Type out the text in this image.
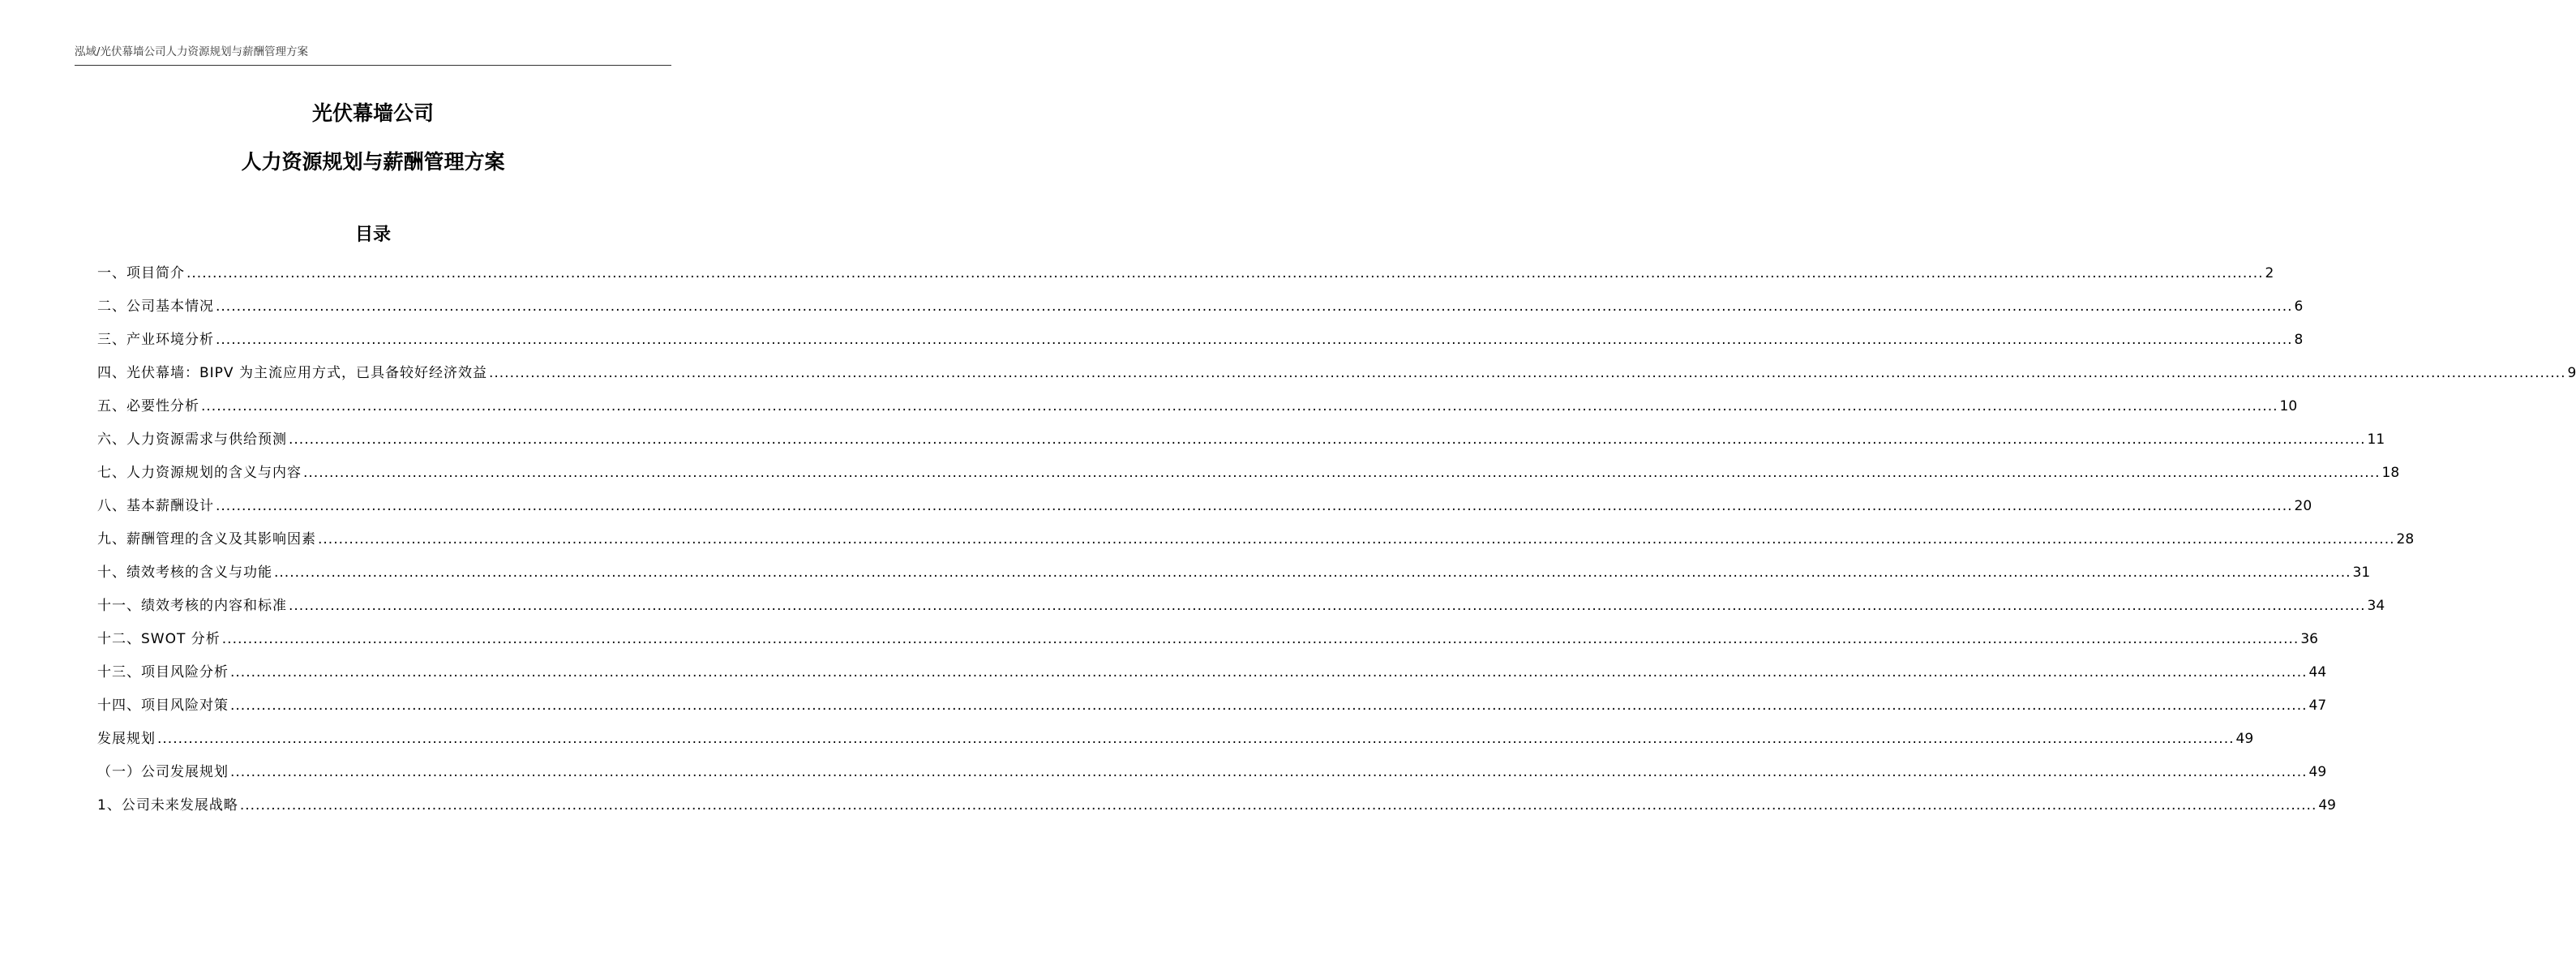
泓域/光伏幕墙公司人力资源规划与薪酬管理方案
光伏幕墙公司
人力资源规划与薪酬管理方案
目录
一、 项目简介 ................................................................................................................................................................................................................................................................................................................................................................................................................ 2
二、 公司基本情况 ................................................................................................................................................................................................................................................................................................................................................................................................................ 6
三、 产业环境分析 ................................................................................................................................................................................................................................................................................................................................................................................................................ 8
四、 光伏幕墙：BIPV 为主流应用方式，已具备较好经济效益 ................................................................................................................................................................................................................................................................................................................................................................................................................ 9
五、 必要性分析 ................................................................................................................................................................................................................................................................................................................................................................................................................ 10
六、 人力资源需求与供给预测 ................................................................................................................................................................................................................................................................................................................................................................................................................ 11
七、 人力资源规划的含义与内容 ................................................................................................................................................................................................................................................................................................................................................................................................................ 18
八、 基本薪酬设计 ................................................................................................................................................................................................................................................................................................................................................................................................................ 20
九、 薪酬管理的含义及其影响因素 ................................................................................................................................................................................................................................................................................................................................................................................................................ 28
十、 绩效考核的含义与功能 ................................................................................................................................................................................................................................................................................................................................................................................................................ 31
十一、 绩效考核的内容和标准 ................................................................................................................................................................................................................................................................................................................................................................................................................ 34
十二、 SWOT 分析 ................................................................................................................................................................................................................................................................................................................................................................................................................ 36
十三、 项目风险分析 ................................................................................................................................................................................................................................................................................................................................................................................................................ 44
十四、 项目风险对策 ................................................................................................................................................................................................................................................................................................................................................................................................................ 47
发展规划 ................................................................................................................................................................................................................................................................................................................................................................................................................ 49
（一）公司发展规划 ................................................................................................................................................................................................................................................................................................................................................................................................................ 49
1、公司未来发展战略 ................................................................................................................................................................................................................................................................................................................................................................................................................ 49
